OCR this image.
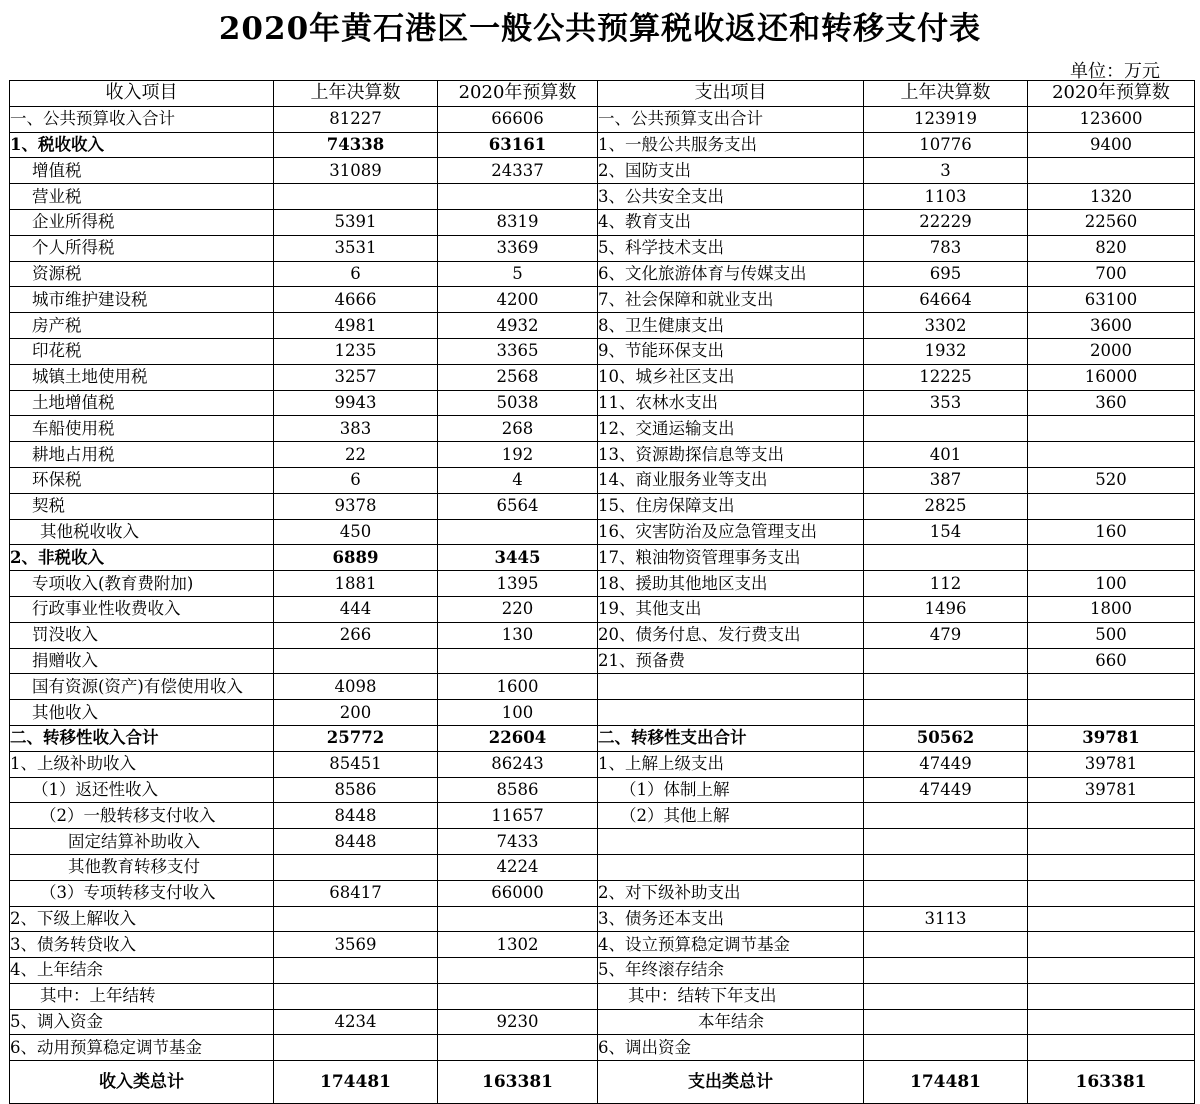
2020年黄石港区一般公共预算税收返还和转移支付表
单位：万元
收入项目	上年决算数	2020年预算数	支出项目	上年决算数	2020年预算数
一、公共预算收入合计	81227	66606	一、公共预算支出合计	123919	123600
1、税收收入	74338	63161	1、一般公共服务支出	10776	9400
增值税	31089	24337	2、国防支出	3	
营业税			3、公共安全支出	1103	1320
企业所得税	5391	8319	4、教育支出	22229	22560
个人所得税	3531	3369	5、科学技术支出	783	820
资源税	6	5	6、文化旅游体育与传媒支出	695	700
城市维护建设税	4666	4200	7、社会保障和就业支出	64664	63100
房产税	4981	4932	8、卫生健康支出	3302	3600
印花税	1235	3365	9、节能环保支出	1932	2000
城镇土地使用税	3257	2568	10、城乡社区支出	12225	16000
土地增值税	9943	5038	11、农林水支出	353	360
车船使用税	383	268	12、交通运输支出		
耕地占用税	22	192	13、资源勘探信息等支出	401	
环保税	6	4	14、商业服务业等支出	387	520
契税	9378	6564	15、住房保障支出	2825	
其他税收收入	450		16、灾害防治及应急管理支出	154	160
2、非税收入	6889	3445	17、粮油物资管理事务支出		
专项收入(教育费附加)	1881	1395	18、援助其他地区支出	112	100
行政事业性收费收入	444	220	19、其他支出	1496	1800
罚没收入	266	130	20、债务付息、发行费支出	479	500
捐赠收入			21、预备费		660
国有资源(资产)有偿使用收入	4098	1600			
其他收入	200	100			
二、转移性收入合计	25772	22604	二、转移性支出合计	50562	39781
1、上级补助收入	85451	86243	1、上解上级支出	47449	39781
（1）返还性收入	8586	8586	（1）体制上解	47449	39781
（2）一般转移支付收入	8448	11657	（2）其他上解		
固定结算补助收入	8448	7433			
其他教育转移支付		4224			
（3）专项转移支付收入	68417	66000	2、对下级补助支出		
2、下级上解收入			3、债务还本支出	3113	
3、债务转贷收入	3569	1302	4、设立预算稳定调节基金		
4、上年结余			5、年终滚存结余		
其中：上年结转			其中：结转下年支出		
5、调入资金	4234	9230	本年结余		
6、动用预算稳定调节基金			6、调出资金		
收入类总计	174481	163381	支出类总计	174481	163381
